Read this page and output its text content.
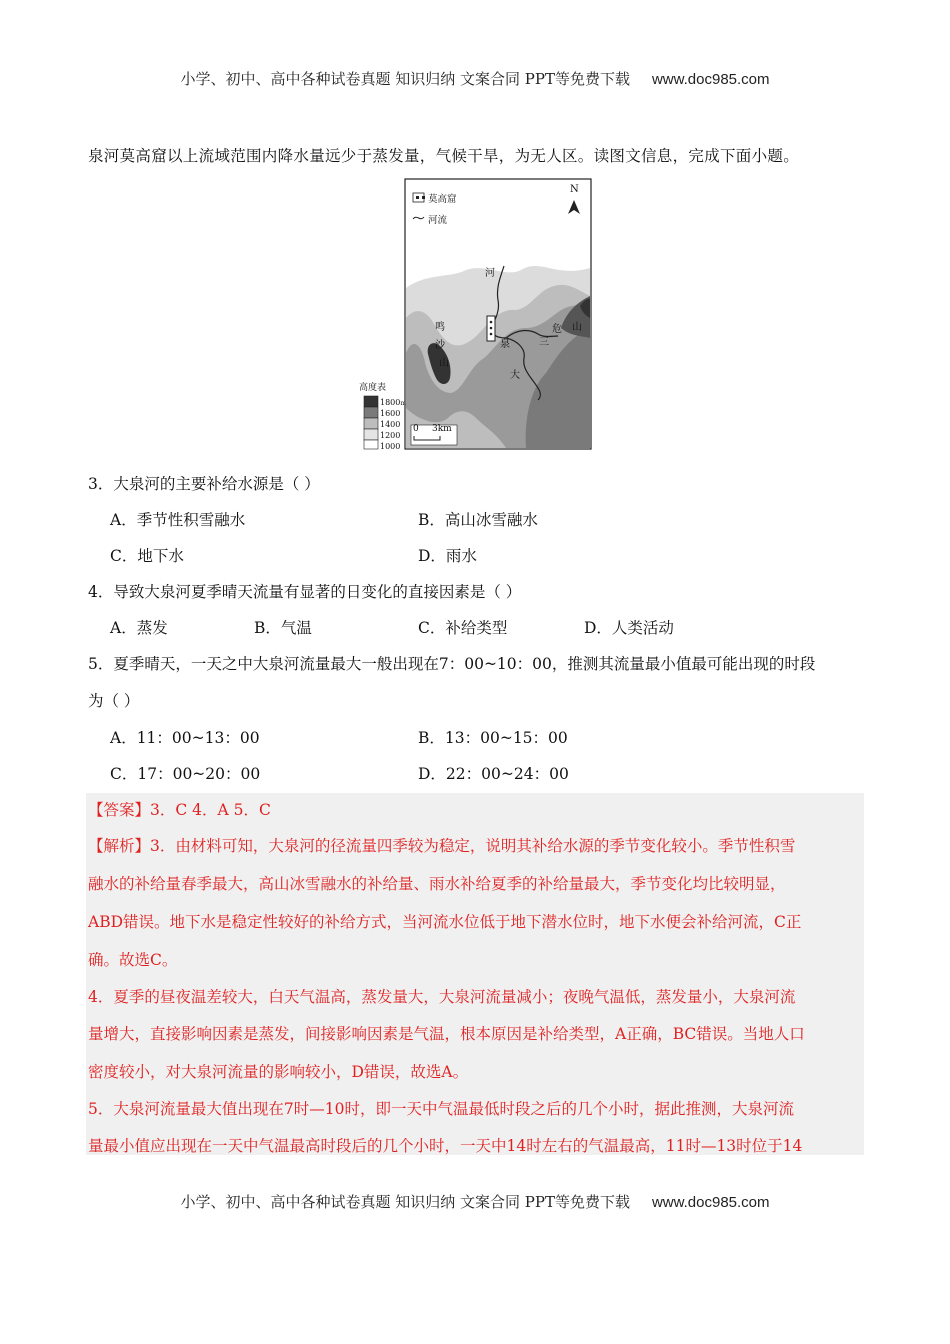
小学、初中、高中各种试卷真题 知识归纳 文案合同 PPT等免费下载 www.doc985.com
泉河莫高窟以上流域范围内降水量远少于蒸发量，气候干旱，为无人区。读图文信息，完成下面小题。
莫高窟
河流
N
河
鸣
沙
山
泉
大
三
危 山
高度表
1800m
1600
1400
1200
1000
0 3km
3．大泉河的主要补给水源是（ ）
A．季节性积雪融水	B．高山冰雪融水
C．地下水	D．雨水
4．导致大泉河夏季晴天流量有显著的日变化的直接因素是（ ）
A．蒸发	B．气温	C．补给类型	D．人类活动
5．夏季晴天，一天之中大泉河流量最大一般出现在7：00~10：00，推测其流量最小值最可能出现的时段
为（ ）
A．11：00~13：00	B．13：00~15：00
C．17：00~20：00	D．22：00~24：00
【答案】3．C 4．A 5．C
【解析】3．由材料可知，大泉河的径流量四季较为稳定，说明其补给水源的季节变化较小。季节性积雪
融水的补给量春季最大，高山冰雪融水的补给量、雨水补给夏季的补给量最大，季节变化均比较明显，
ABD错误。地下水是稳定性较好的补给方式，当河流水位低于地下潜水位时，地下水便会补给河流，C正
确。故选C。
4．夏季的昼夜温差较大，白天气温高，蒸发量大，大泉河流量减小；夜晚气温低，蒸发量小，大泉河流
量增大，直接影响因素是蒸发，间接影响因素是气温，根本原因是补给类型，A正确，BC错误。当地人口
密度较小，对大泉河流量的影响较小，D错误，故选A。
5．大泉河流量最大值出现在7时—10时，即一天中气温最低时段之后的几个小时，据此推测，大泉河流
量最小值应出现在一天中气温最高时段后的几个小时，一天中14时左右的气温最高，11时—13时位于14
小学、初中、高中各种试卷真题 知识归纳 文案合同 PPT等免费下载 www.doc985.com
